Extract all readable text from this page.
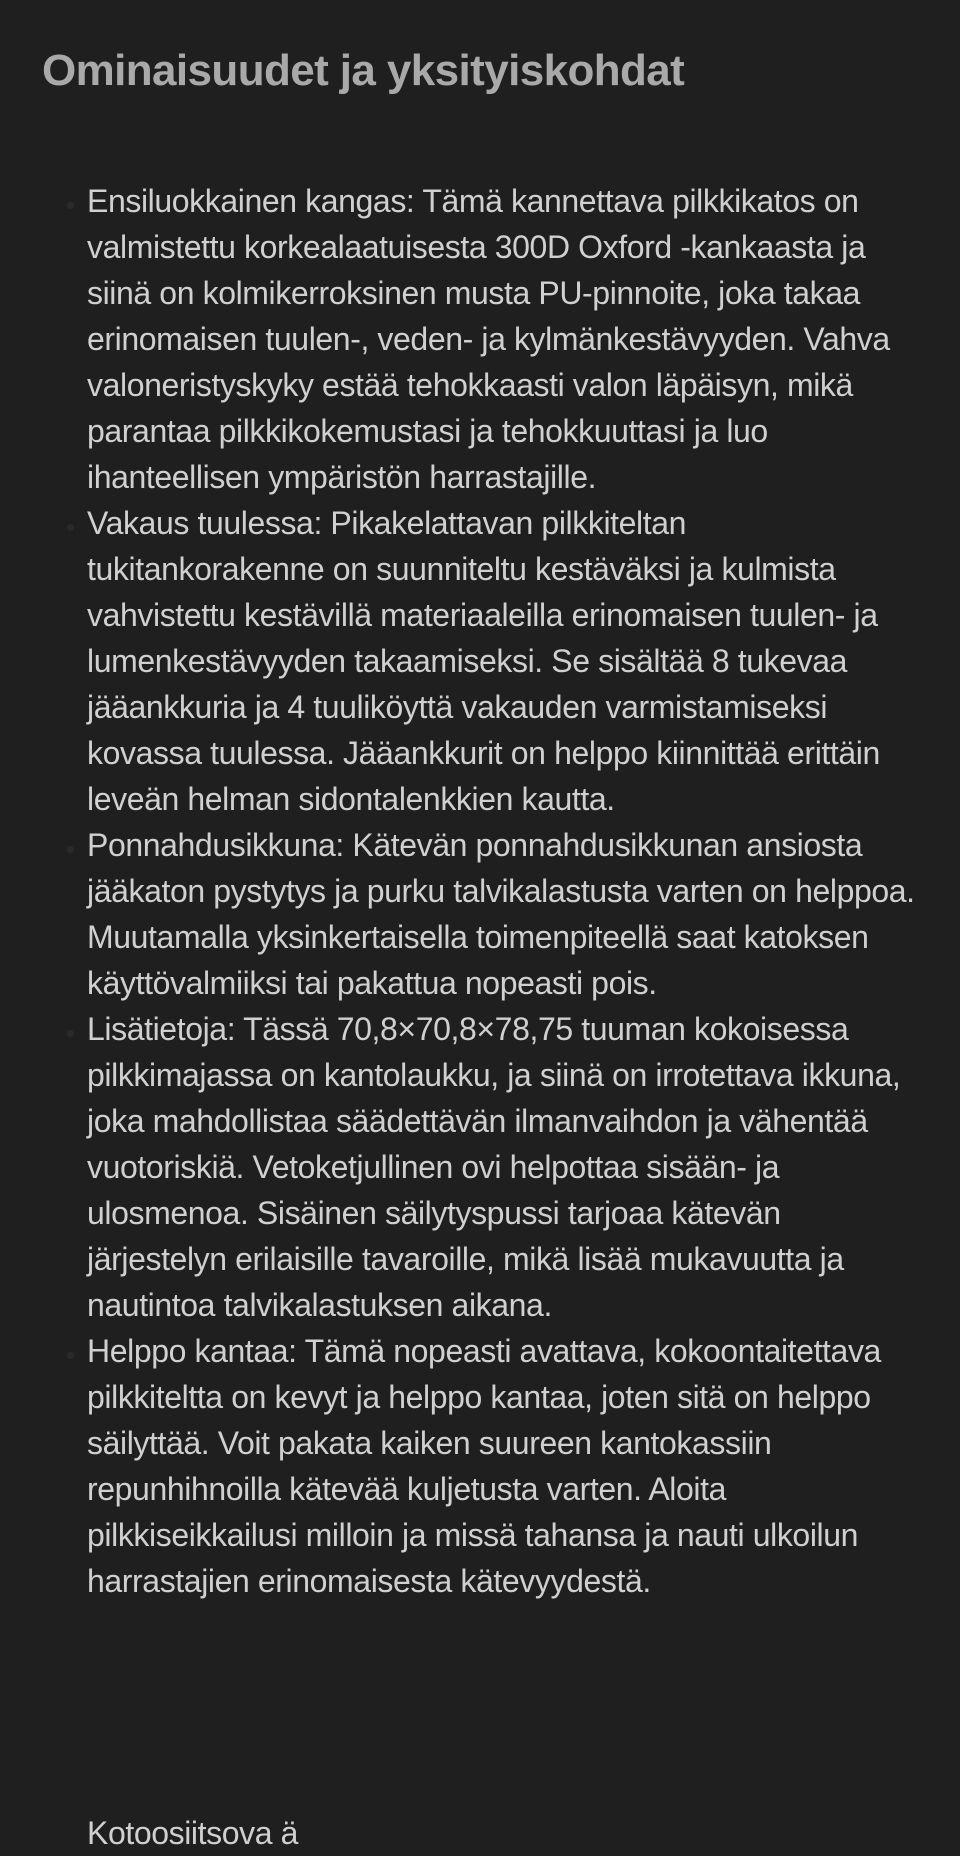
Ominaisuudet ja yksityiskohdat
• Ensiluokkainen kangas: Tämä kannettava pilkkikatos on valmistettu korkealaatuisesta 300D Oxford -kankaasta ja siinä on kolmikerroksinen musta PU-pinnoite, joka takaa erinomaisen tuulen-, veden- ja kylmänkestävyyden. Vahva valoneristyskyky estää tehokkaasti valon läpäisyn, mikä parantaa pilkkikokemustasi ja tehokkuuttasi ja luo ihanteellisen ympäristön harrastajille.
• Vakaus tuulessa: Pikakelattavan pilkkiteltan tukitankorakenne on suunniteltu kestäväksi ja kulmista vahvistettu kestävillä materiaaleilla erinomaisen tuulen- ja lumenkestävyyden takaamiseksi. Se sisältää 8 tukevaa jääankkuria ja 4 tuuliköyttä vakauden varmistamiseksi kovassa tuulessa. Jääankkurit on helppo kiinnittää erittäin leveän helman sidontalenkkien kautta.
• Ponnahdusikkuna: Kätevän ponnahdusikkunan ansiosta jääkaton pystytys ja purku talvikalastusta varten on helppoa. Muutamalla yksinkertaisella toimenpiteellä saat katoksen käyttövalmiiksi tai pakattua nopeasti pois.
• Lisätietoja: Tässä 70,8×70,8×78,75 tuuman kokoisessa pilkkimajassa on kantolaukku, ja siinä on irrotettava ikkuna, joka mahdollistaa säädettävän ilmanvaihdon ja vähentää vuotoriskiä. Vetoketjullinen ovi helpottaa sisään- ja ulosmenoa. Sisäinen säilytyspussi tarjoaa kätevän järjestelyn erilaisille tavaroille, mikä lisää mukavuutta ja nautintoa talvikalastuksen aikana.
• Helppo kantaa: Tämä nopeasti avattava, kokoontaitettava pilkkiteltta on kevyt ja helppo kantaa, joten sitä on helppo säilyttää. Voit pakata kaiken suureen kantokassiin repunhihnoilla kätevää kuljetusta varten. Aloita pilkkiseikkailusi milloin ja missä tahansa ja nauti ulkoilun harrastajien erinomaisesta kätevyydestä.
Kotoosiitsova ä
